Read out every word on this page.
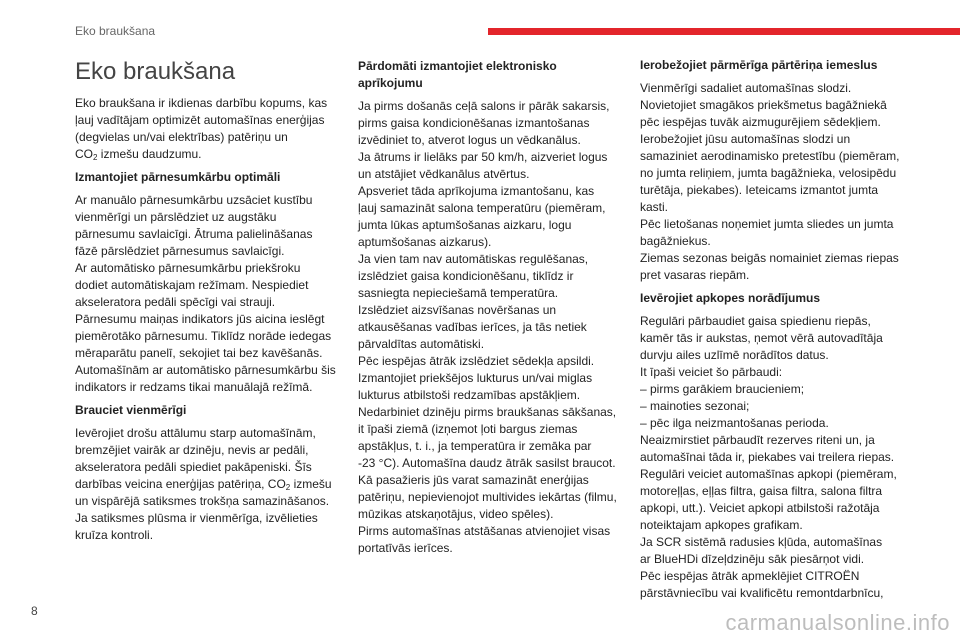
Eko braukšana
Eko braukšana
Eko braukšana ir ikdienas darbību kopums, kas
ļauj vadītājam optimizēt automašīnas enerģijas
(degvielas un/vai elektrības) patēriņu un
$CO_2$ izmešu daudzumu.
Izmantojiet pārnesumkārbu optimāli
Ar manuālo pārnesumkārbu uzsāciet kustību
vienmērīgi un pārslēdziet uz augstāku
pārnesumu savlaicīgi. Ātruma palielināšanas
fāzē pārslēdziet pārnesumus savlaicīgi.
Ar automātisko pārnesumkārbu priekšroku
dodiet automātiskajam režīmam. Nespiediet
akseleratora pedāli spēcīgi vai strauji.
Pārnesumu maiņas indikators jūs aicina ieslēgt
piemērotāko pārnesumu. Tiklīdz norāde iedegas
mēraparātu panelī, sekojiet tai bez kavēšanās.
Automašīnām ar automātisko pārnesumkārbu šis
indikators ir redzams tikai manuālajā režīmā.
Brauciet vienmērīgi
Ievērojiet drošu attālumu starp automašīnām,
bremzējiet vairāk ar dzinēju, nevis ar pedāli,
akseleratora pedāli spiediet pakāpeniski. Šīs
darbības veicina enerģijas patēriņa, $CO_2$ izmešu
un vispārējā satiksmes trokšņa samazināšanos.
Ja satiksmes plūsma ir vienmērīga, izvēlieties
kruīza kontroli.
Pārdomāti izmantojiet elektronisko
aprīkojumu
Ja pirms došanās ceļā salons ir pārāk sakarsis,
pirms gaisa kondicionēšanas izmantošanas
izvēdiniet to, atverot logus un vēdkanālus.
Ja ātrums ir lielāks par 50 km/h, aizveriet logus
un atstājiet vēdkanālus atvērtus.
Apsveriet tāda aprīkojuma izmantošanu, kas
ļauj samazināt salona temperatūru (piemēram,
jumta lūkas aptumšošanas aizkaru, logu
aptumšošanas aizkarus).
Ja vien tam nav automātiskas regulēšanas,
izslēdziet gaisa kondicionēšanu, tiklīdz ir
sasniegta nepieciešamā temperatūra.
Izslēdziet aizsvīšanas novēršanas un
atkausēšanas vadības ierīces, ja tās netiek
pārvaldītas automātiski.
Pēc iespējas ātrāk izslēdziet sēdekļa apsildi.
Izmantojiet priekšējos lukturus un/vai miglas
lukturus atbilstoši redzamības apstākļiem.
Nedarbiniet dzinēju pirms braukšanas sākšanas,
it īpaši ziemā (izņemot ļoti bargus ziemas
apstākļus, t. i., ja temperatūra ir zemāka par
-23 °C). Automašīna daudz ātrāk sasilst braucot.
Kā pasažieris jūs varat samazināt enerģijas
patēriņu, nepievienojot multivides iekārtas (filmu,
mūzikas atskaņotājus, video spēles).
Pirms automašīnas atstāšanas atvienojiet visas
portatīvās ierīces.
Ierobežojiet pārmērīga pārtēriņa iemeslus
Vienmērīgi sadaliet automašīnas slodzi.
Novietojiet smagākos priekšmetus bagāžniekā
pēc iespējas tuvāk aizmugurējiem sēdekļiem.
Ierobežojiet jūsu automašīnas slodzi un
samaziniet aerodinamisko pretestību (piemēram,
no jumta reliņiem, jumta bagāžnieka, velosipēdu
turētāja, piekabes). Ieteicams izmantot jumta
kasti.
Pēc lietošanas noņemiet jumta sliedes un jumta
bagāžniekus.
Ziemas sezonas beigās nomainiet ziemas riepas
pret vasaras riepām.
Ievērojiet apkopes norādījumus
Regulāri pārbaudiet gaisa spiedienu riepās,
kamēr tās ir aukstas, ņemot vērā autovadītāja
durvju ailes uzlīmē norādītos datus.
It īpaši veiciet šo pārbaudi:
– pirms garākiem braucieniem;
– mainoties sezonai;
– pēc ilga neizmantošanas perioda.
Neaizmirstiet pārbaudīt rezerves riteni un, ja
automašīnai tāda ir, piekabes vai treilera riepas.
Regulāri veiciet automašīnas apkopi (piemēram,
motoreļļas, eļļas filtra, gaisa filtra, salona filtra
apkopi, utt.). Veiciet apkopi atbilstoši ražotāja
noteiktajam apkopes grafikam.
Ja SCR sistēmā radusies kļūda, automašīnas
ar BlueHDi dīzeļdzinēju sāk piesārņot vidi.
Pēc iespējas ātrāk apmeklējiet CITROËN
pārstāvniecību vai kvalificētu remontdarbnīcu,
8	carmanualsonline.info
